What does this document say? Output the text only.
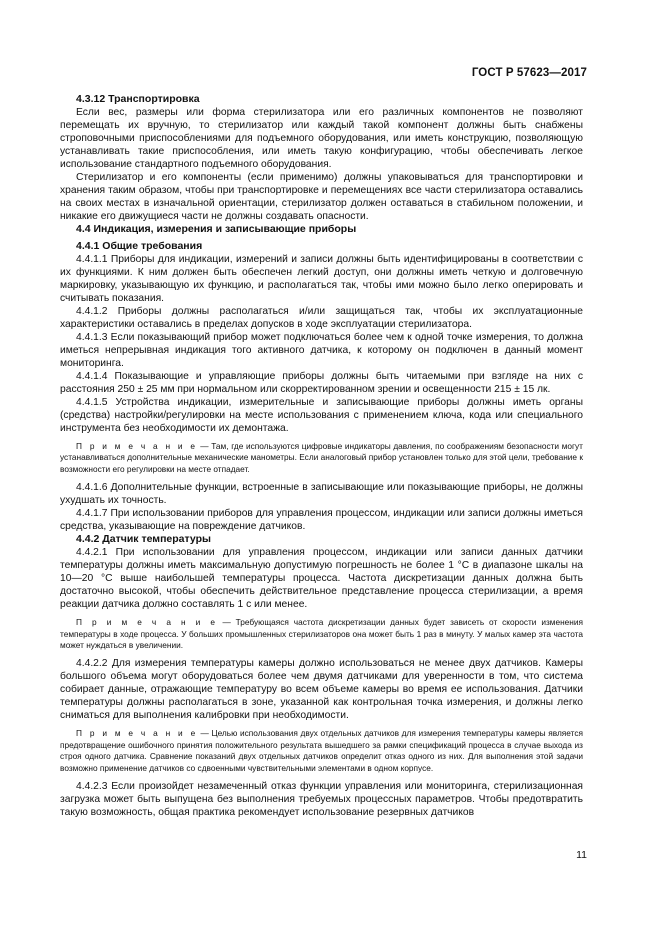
ГОСТ Р 57623—2017

4.3.12 Транспортировка

Если вес, размеры или форма стерилизатора или его различных компонентов не позволяют перемещать их вручную, то стерилизатор или каждый такой компонент должны быть снабжены строповочными приспособлениями для подъемного оборудования, или иметь конструкцию, позволяющую устанавливать такие приспособления, или иметь такую конфигурацию, чтобы обеспечивать легкое использование стандартного подъемного оборудования.

Стерилизатор и его компоненты (если применимо) должны упаковываться для транспортировки и хранения таким образом, чтобы при транспортировке и перемещениях все части стерилизатора оставались на своих местах в изначальной ориентации, стерилизатор должен оставаться в стабильном положении, и никакие его движущиеся части не должны создавать опасности.

4.4 Индикация, измерения и записывающие приборы

4.4.1 Общие требования

4.4.1.1 Приборы для индикации, измерений и записи должны быть идентифицированы в соответствии с их функциями. К ним должен быть обеспечен легкий доступ, они должны иметь четкую и долговечную маркировку, указывающую их функцию, и располагаться так, чтобы ими можно было легко оперировать и считывать показания.

4.4.1.2 Приборы должны располагаться и/или защищаться так, чтобы их эксплуатационные характеристики оставались в пределах допусков в ходе эксплуатации стерилизатора.

4.4.1.3 Если показывающий прибор может подключаться более чем к одной точке измерения, то должна иметься непрерывная индикация того активного датчика, к которому он подключен в данный момент мониторинга.

4.4.1.4 Показывающие и управляющие приборы должны быть читаемыми при взгляде на них с расстояния 250 ± 25 мм при нормальном или скорректированном зрении и освещенности 215 ± 15 лк.

4.4.1.5 Устройства индикации, измерительные и записывающие приборы должны иметь органы (средства) настройки/регулировки на месте использования с применением ключа, кода или специального инструмента без необходимости их демонтажа.

П р и м е ч а н и е — Там, где используются цифровые индикаторы давления, по соображениям безопасности могут устанавливаться дополнительные механические манометры. Если аналоговый прибор установлен только для этой цели, требование к возможности его регулировки на месте отпадает.

4.4.1.6 Дополнительные функции, встроенные в записывающие или показывающие приборы, не должны ухудшать их точность.

4.4.1.7 При использовании приборов для управления процессом, индикации или записи должны иметься средства, указывающие на повреждение датчиков.

4.4.2 Датчик температуры

4.4.2.1 При использовании для управления процессом, индикации или записи данных датчики температуры должны иметь максимальную допустимую погрешность не более 1 °С в диапазоне шкалы на 10—20 °С выше наибольшей температуры процесса. Частота дискретизации данных должна быть достаточно высокой, чтобы обеспечить действительное представление процесса стерилизации, а время реакции датчика должно составлять 1 с или менее.

П р и м е ч а н и е — Требующаяся частота дискретизации данных будет зависеть от скорости изменения температуры в ходе процесса. У больших промышленных стерилизаторов она может быть 1 раз в минуту. У малых камер эта частота может нуждаться в увеличении.

4.4.2.2 Для измерения температуры камеры должно использоваться не менее двух датчиков. Камеры большого объема могут оборудоваться более чем двумя датчиками для уверенности в том, что система собирает данные, отражающие температуру во всем объеме камеры во время ее использования. Датчики температуры должны располагаться в зоне, указанной как контрольная точка измерения, и должны легко сниматься для выполнения калибровки при необходимости.

П р и м е ч а н и е — Целью использования двух отдельных датчиков для измерения температуры камеры является предотвращение ошибочного принятия положительного результата вышедшего за рамки спецификаций процесса в случае выхода из строя одного датчика. Сравнение показаний двух отдельных датчиков определит отказ одного из них. Для выполнения этой задачи возможно применение датчиков со сдвоенными чувствительными элементами в одном корпусе.

4.4.2.3 Если произойдет незамеченный отказ функции управления или мониторинга, стерилизационная загрузка может быть выпущена без выполнения требуемых процессных параметров. Чтобы предотвратить такую возможность, общая практика рекомендует использование резервных датчиков

11
